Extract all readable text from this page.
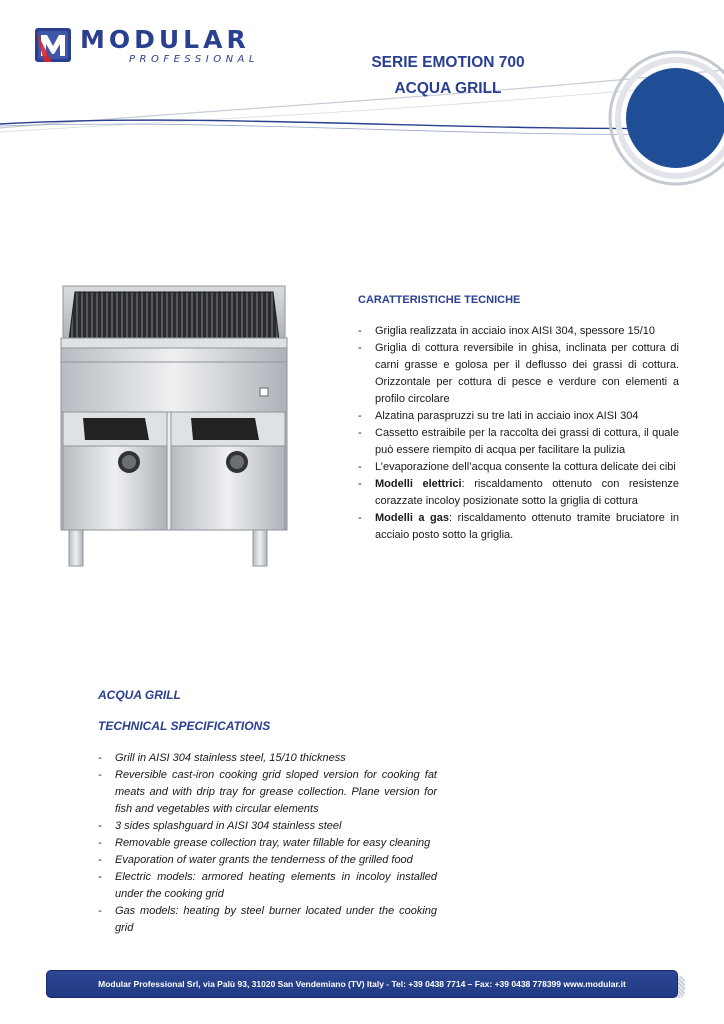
MODULAR
PROFESSIONAL	SERIE EMOTION 700
ACQUA GRILL
CARATTERISTICHE TECNICHE
- Griglia realizzata in acciaio inox AISI 304, spessore 15/10
- Griglia di cottura reversibile in ghisa, inclinata per cottura di carni grasse e golosa per il deflusso dei grassi di cottura. Orizzontale per cottura di pesce e verdure con elementi a profilo circolare
- Alzatina paraspruzzi su tre lati in acciaio inox AISI 304
- Cassetto estraibile per la raccolta dei grassi di cottura, il quale può essere riempito di acqua per facilitare la pulizia
- L’evaporazione dell’acqua consente la cottura delicate dei cibi
- Modelli elettrici: riscaldamento ottenuto con resistenze corazzate incoloy posizionate sotto la griglia di cottura
- Modelli a gas: riscaldamento ottenuto tramite bruciatore in acciaio posto sotto la griglia.
ACQUA GRILL
TECHNICAL SPECIFICATIONS
- Grill in AISI 304 stainless steel, 15/10 thickness
- Reversible cast-iron cooking grid sloped version for cooking fat meats and with drip tray for grease collection. Plane version for fish and vegetables with circular elements
- 3 sides splashguard in AISI 304 stainless steel
- Removable grease collection tray, water fillable for easy cleaning
- Evaporation of water grants the tenderness of the grilled food
- Electric models: armored heating elements in incoloy installed under the cooking grid
- Gas models: heating by steel burner located under the cooking grid
Modular Professional Srl, via Palù 93, 31020 San Vendemiano (TV) Italy - Tel: +39 0438 7714 – Fax: +39 0438 778399 www.modular.it
